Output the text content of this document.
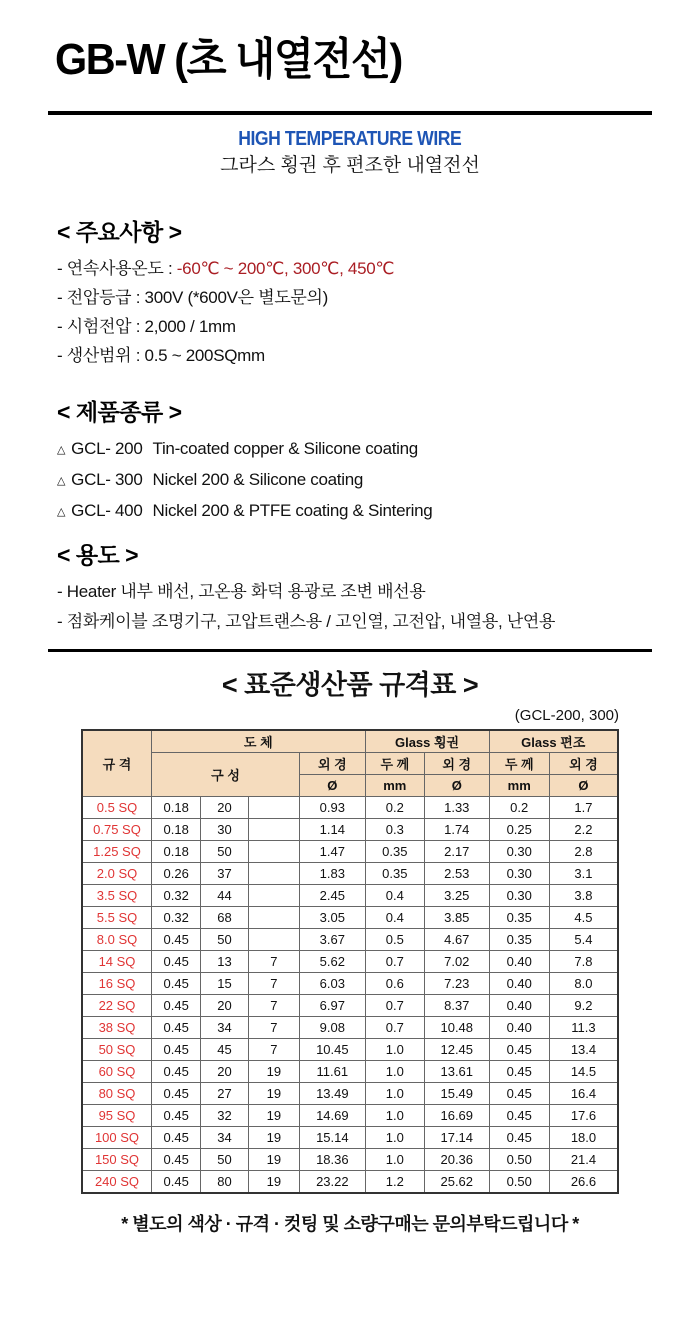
GB-W (초 내열전선)
HIGH TEMPERATURE WIRE
그라스 횡권 후 편조한 내열전선
< 주요사항 >
- 연속사용온도 : -60℃ ~ 200℃, 300℃, 450℃
- 전압등급 : 300V (*600V은 별도문의)
- 시험전압 : 2,000 / 1mm
- 생산범위 : 0.5 ~ 200SQmm
< 제품종류 >
△ GCL- 200 Tin-coated copper & Silicone coating
△ GCL- 300 Nickel 200 & Silicone coating
△ GCL- 400 Nickel 200 & PTFE coating & Sintering
< 용도 >
- Heater 내부 배선, 고온용 화덕 용광로 조변 배선용
- 점화케이블 조명기구, 고압트랜스용 / 고인열, 고전압, 내열용, 난연용
< 표준생산품 규격표 >
(GCL-200, 300)
규 격	도 체				Glass 횡권		Glass 편조	
	구 성			외 경	두 께	외 경	두 께	외 경
				Ø	mm	Ø	mm	Ø
0.5 SQ	0.18	20		0.93	0.2	1.33	0.2	1.7
0.75 SQ	0.18	30		1.14	0.3	1.74	0.25	2.2
1.25 SQ	0.18	50		1.47	0.35	2.17	0.30	2.8
2.0 SQ	0.26	37		1.83	0.35	2.53	0.30	3.1
3.5 SQ	0.32	44		2.45	0.4	3.25	0.30	3.8
5.5 SQ	0.32	68		3.05	0.4	3.85	0.35	4.5
8.0 SQ	0.45	50		3.67	0.5	4.67	0.35	5.4
14 SQ	0.45	13	7	5.62	0.7	7.02	0.40	7.8
16 SQ	0.45	15	7	6.03	0.6	7.23	0.40	8.0
22 SQ	0.45	20	7	6.97	0.7	8.37	0.40	9.2
38 SQ	0.45	34	7	9.08	0.7	10.48	0.40	11.3
50 SQ	0.45	45	7	10.45	1.0	12.45	0.45	13.4
60 SQ	0.45	20	19	11.61	1.0	13.61	0.45	14.5
80 SQ	0.45	27	19	13.49	1.0	15.49	0.45	16.4
95 SQ	0.45	32	19	14.69	1.0	16.69	0.45	17.6
100 SQ	0.45	34	19	15.14	1.0	17.14	0.45	18.0
150 SQ	0.45	50	19	18.36	1.0	20.36	0.50	21.4
240 SQ	0.45	80	19	23.22	1.2	25.62	0.50	26.6
* 별도의 색상 · 규격 · 컷팅 및 소량구매는 문의부탁드립니다 *
